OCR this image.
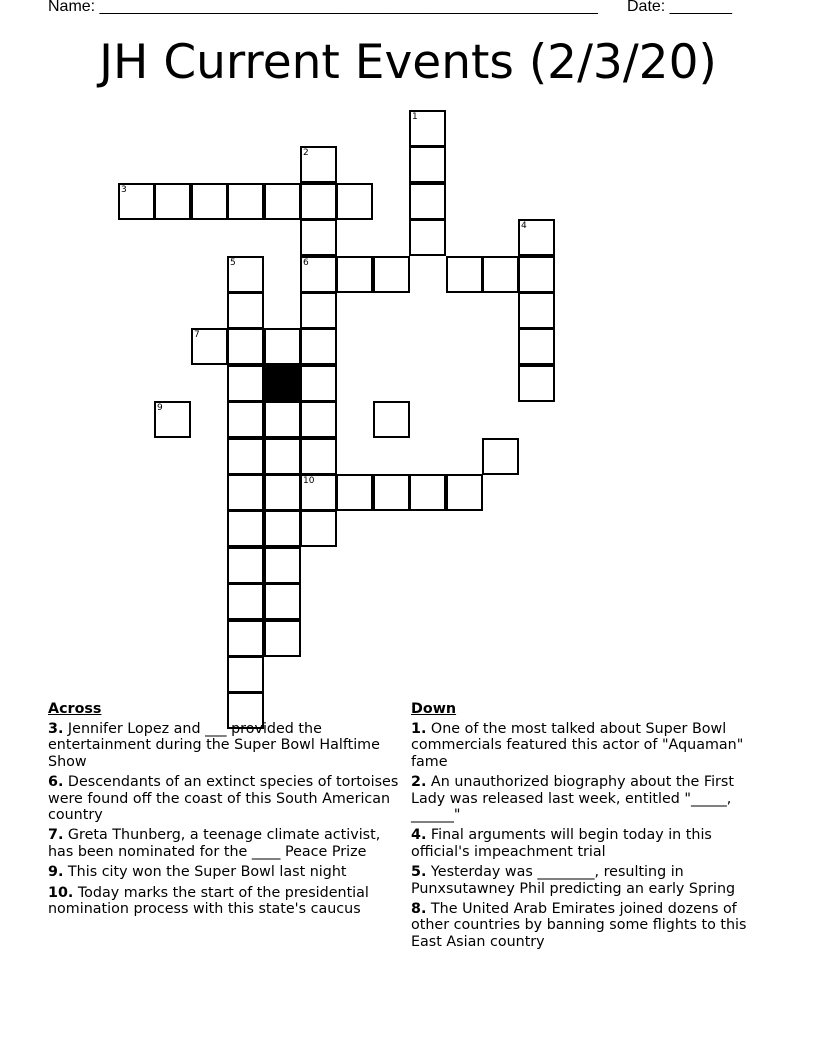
Name: ________________________________________________________ Date: _______
JH Current Events (2/3/20)
1
2
6
10
3
4
5
7
9
Across
3. Jennifer Lopez and ___ provided the entertainment during the Super Bowl Halftime Show
6. Descendants of an extinct species of tortoises were found off the coast of this South American country
7. Greta Thunberg, a teenage climate activist, has been nominated for the ____ Peace Prize
9. This city won the Super Bowl last night
10. Today marks the start of the presidential nomination process with this state's caucus
Down
1. One of the most talked about Super Bowl commercials featured this actor of "Aquaman" fame
2. An unauthorized biography about the First Lady was released last week, entitled "_____, ______"
4. Final arguments will begin today in this official's impeachment trial
5. Yesterday was ________, resulting in Punxsutawney Phil predicting an early Spring
8. The United Arab Emirates joined dozens of other countries by banning some flights to this East Asian country
